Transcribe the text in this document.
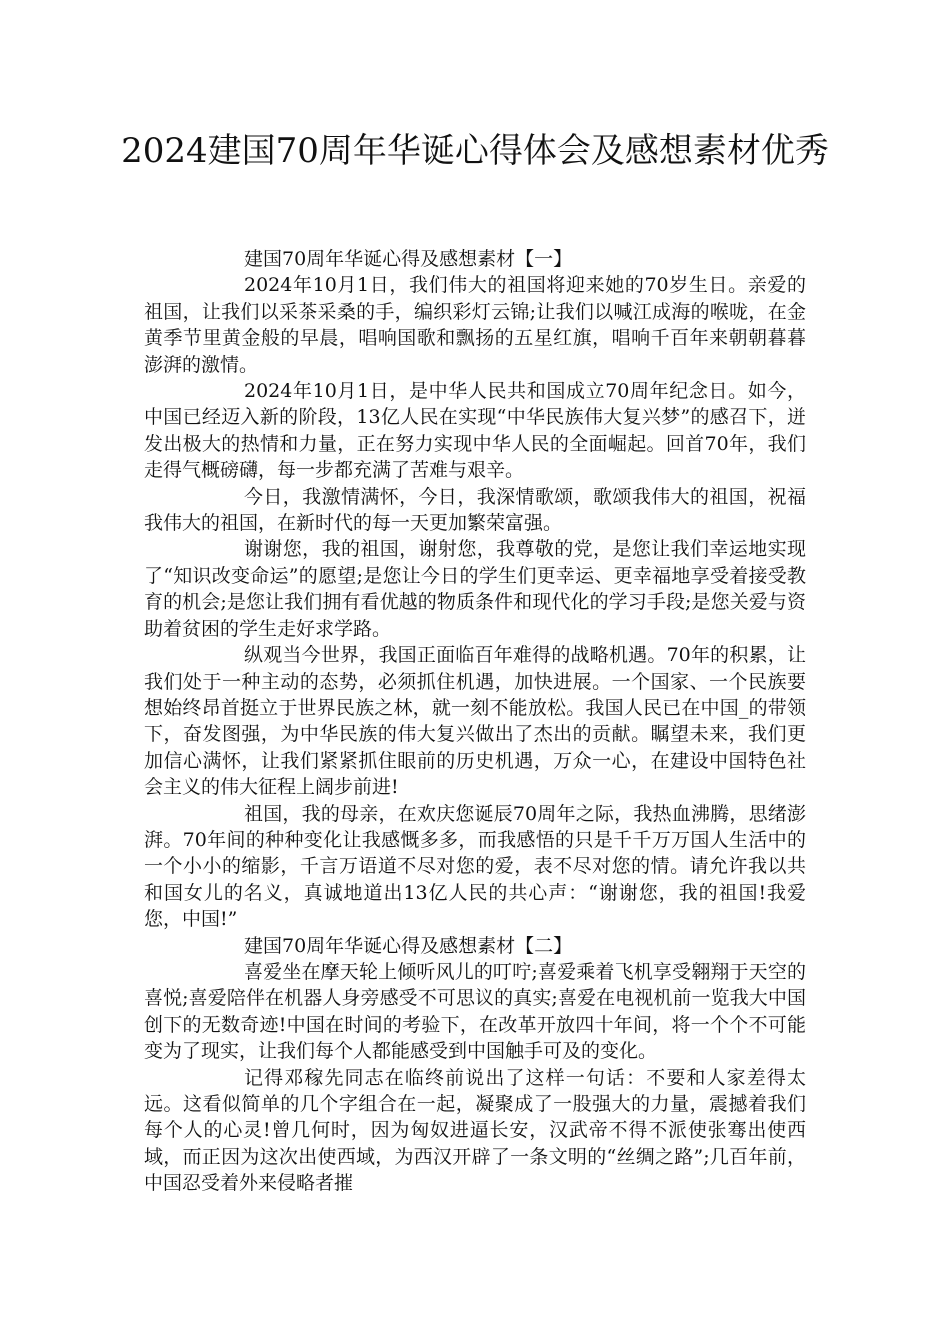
2024建国70周年华诞心得体会及感想素材优秀

建国70周年华诞心得及感想素材【一】

2024年10月1日，我们伟大的祖国将迎来她的70岁生日。亲爱的祖国，让我们以采茶采桑的手，编织彩灯云锦;让我们以喊江成海的喉咙，在金黄季节里黄金般的早晨，唱响国歌和飘扬的五星红旗，唱响千百年来朝朝暮暮澎湃的激情。

2024年10月1日，是中华人民共和国成立70周年纪念日。如今，中国已经迈入新的阶段，13亿人民在实现“中华民族伟大复兴梦”的感召下，迸发出极大的热情和力量，正在努力实现中华人民的全面崛起。回首70年，我们走得气概磅礴，每一步都充满了苦难与艰辛。

今日，我激情满怀，今日，我深情歌颂，歌颂我伟大的祖国，祝福我伟大的祖国，在新时代的每一天更加繁荣富强。

谢谢您，我的祖国，谢射您，我尊敬的党，是您让我们幸运地实现了“知识改变命运”的愿望;是您让今日的学生们更幸运、更幸福地享受着接受教育的机会;是您让我们拥有看优越的物质条件和现代化的学习手段;是您关爱与资助着贫困的学生走好求学路。

纵观当今世界，我国正面临百年难得的战略机遇。70年的积累，让我们处于一种主动的态势，必须抓住机遇，加快进展。一个国家、一个民族要想始终昂首挺立于世界民族之林，就一刻不能放松。我国人民已在中国_的带领下，奋发图强，为中华民族的伟大复兴做出了杰出的贡献。瞩望未来，我们更加信心满怀，让我们紧紧抓住眼前的历史机遇，万众一心，在建设中国特色社会主义的伟大征程上阔步前进!

祖国，我的母亲，在欢庆您诞辰70周年之际，我热血沸腾，思绪澎湃。70年间的种种变化让我感慨多多，而我感悟的只是千千万万国人生活中的一个小小的缩影，千言万语道不尽对您的爱，表不尽对您的情。请允许我以共和国女儿的名义，真诚地道出13亿人民的共心声：“谢谢您，我的祖国!我爱您，中国!”

建国70周年华诞心得及感想素材【二】

喜爱坐在摩天轮上倾听风儿的叮咛;喜爱乘着飞机享受翱翔于天空的喜悦;喜爱陪伴在机器人身旁感受不可思议的真实;喜爱在电视机前一览我大中国创下的无数奇迹!中国在时间的考验下，在改革开放四十年间，将一个个不可能变为了现实，让我们每个人都能感受到中国触手可及的变化。

记得邓稼先同志在临终前说出了这样一句话：不要和人家差得太远。这看似简单的几个字组合在一起，凝聚成了一股强大的力量，震撼着我们每个人的心灵!曾几何时，因为匈奴进逼长安，汉武帝不得不派使张骞出使西域，而正因为这次出使西域，为西汉开辟了一条文明的“丝绸之路”;几百年前，中国忍受着外来侵略者摧
